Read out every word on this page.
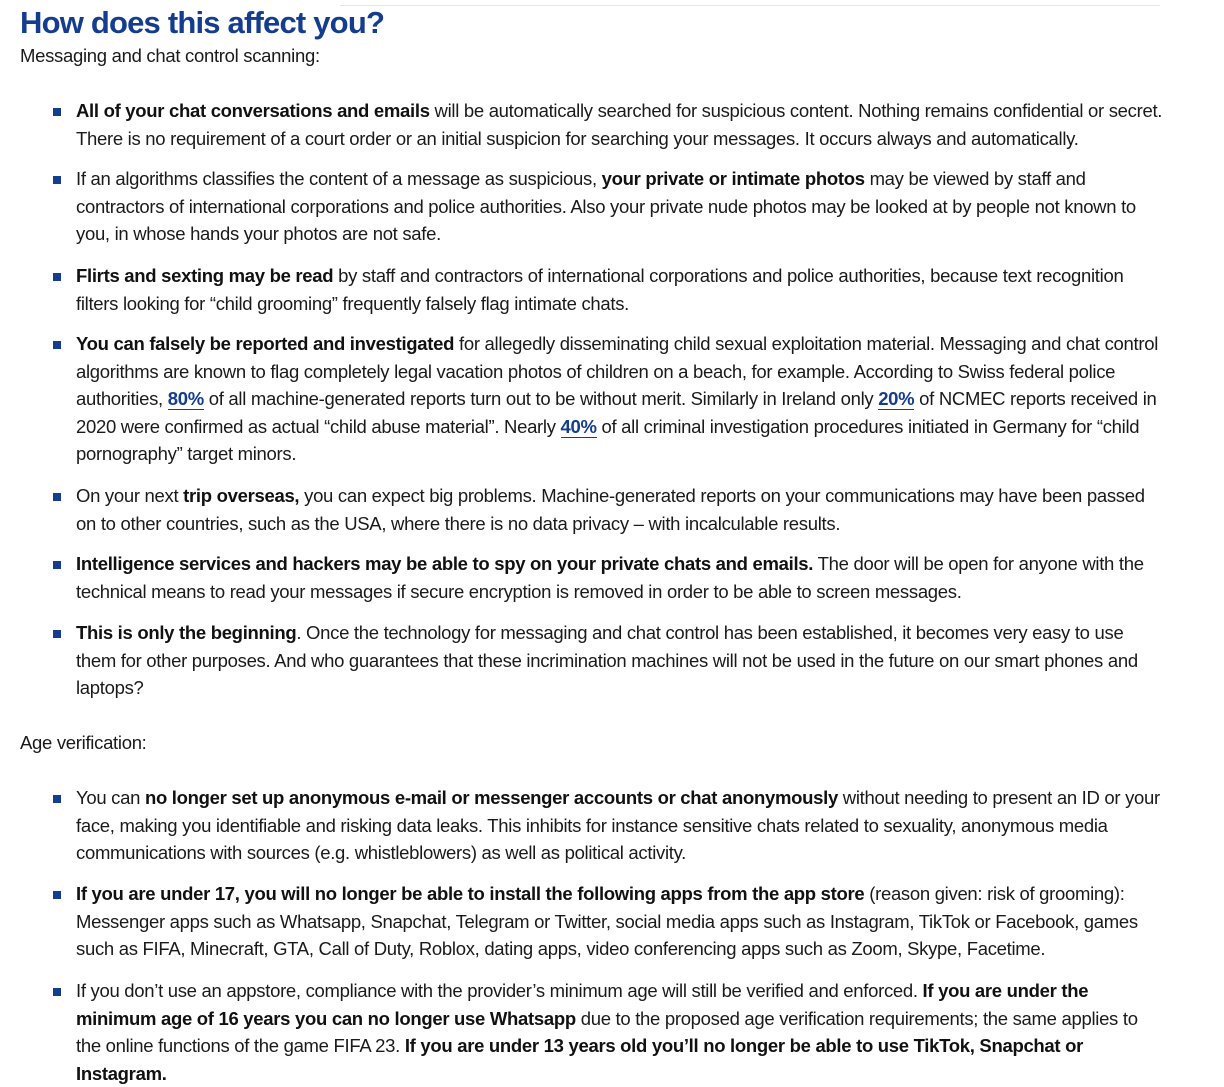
How does this affect you?

Messaging and chat control scanning:

All of your chat conversations and emails will be automatically searched for suspicious content. Nothing remains confidential or secret. There is no requirement of a court order or an initial suspicion for searching your messages. It occurs always and automatically.
If an algorithms classifies the content of a message as suspicious, your private or intimate photos may be viewed by staff and contractors of international corporations and police authorities. Also your private nude photos may be looked at by people not known to you, in whose hands your photos are not safe.
Flirts and sexting may be read by staff and contractors of international corporations and police authorities, because text recognition filters looking for “child grooming” frequently falsely flag intimate chats.
You can falsely be reported and investigated for allegedly disseminating child sexual exploitation material. Messaging and chat control algorithms are known to flag completely legal vacation photos of children on a beach, for example. According to Swiss federal police authorities, 80% of all machine-generated reports turn out to be without merit. Similarly in Ireland only 20% of NCMEC reports received in 2020 were confirmed as actual “child abuse material”. Nearly 40% of all criminal investigation procedures initiated in Germany for “child pornography” target minors.
On your next trip overseas, you can expect big problems. Machine-generated reports on your communications may have been passed on to other countries, such as the USA, where there is no data privacy – with incalculable results.
Intelligence services and hackers may be able to spy on your private chats and emails. The door will be open for anyone with the technical means to read your messages if secure encryption is removed in order to be able to screen messages.
This is only the beginning. Once the technology for messaging and chat control has been established, it becomes very easy to use them for other purposes. And who guarantees that these incrimination machines will not be used in the future on our smart phones and laptops?

Age verification:

You can no longer set up anonymous e-mail or messenger accounts or chat anonymously without needing to present an ID or your face, making you identifiable and risking data leaks. This inhibits for instance sensitive chats related to sexuality, anonymous media communications with sources (e.g. whistleblowers) as well as political activity.
If you are under 17, you will no longer be able to install the following apps from the app store (reason given: risk of grooming): Messenger apps such as Whatsapp, Snapchat, Telegram or Twitter, social media apps such as Instagram, TikTok or Facebook, games such as FIFA, Minecraft, GTA, Call of Duty, Roblox, dating apps, video conferencing apps such as Zoom, Skype, Facetime.
If you don’t use an appstore, compliance with the provider’s minimum age will still be verified and enforced. If you are under the minimum age of 16 years you can no longer use Whatsapp due to the proposed age verification requirements; the same applies to the online functions of the game FIFA 23. If you are under 13 years old you’ll no longer be able to use TikTok, Snapchat or Instagram.
